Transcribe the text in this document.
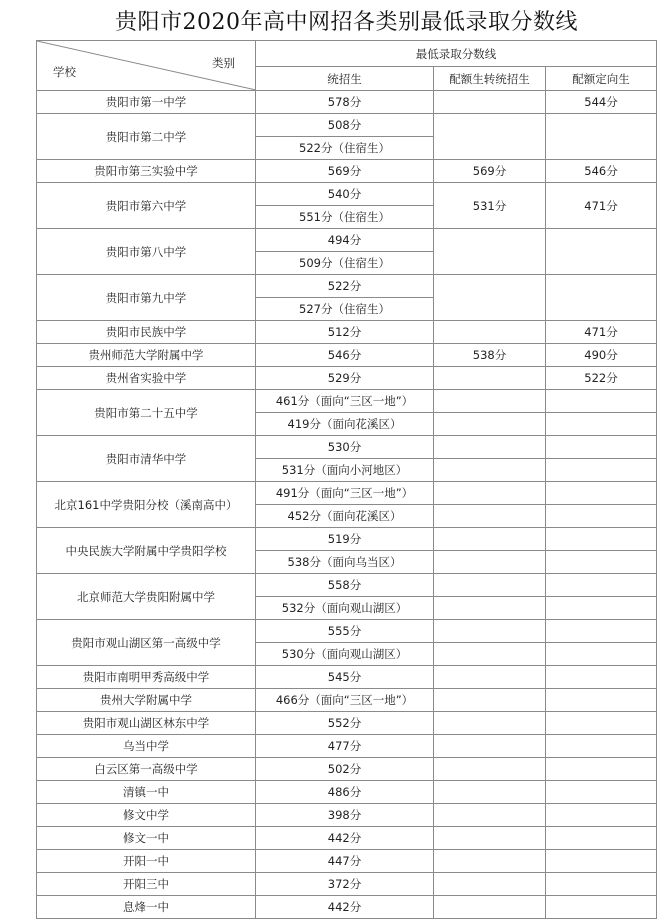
贵阳市2020年高中网招各类别最低录取分数线
类别
学校	最低录取分数线		
	统招生	配额生转统招生	配额定向生
贵阳市第一中学	578分		544分
贵阳市第二中学	508分		
	522分（住宿生）		
贵阳市第三实验中学	569分	569分	546分
贵阳市第六中学	540分	531分	471分
	551分（住宿生）		
贵阳市第八中学	494分		
	509分（住宿生）		
贵阳市第九中学	522分		
	527分（住宿生）		
贵阳市民族中学	512分		471分
贵州师范大学附属中学	546分	538分	490分
贵州省实验中学	529分		522分
贵阳市第二十五中学	461分（面向“三区一地”）		
	419分（面向花溪区）		
贵阳市清华中学	530分		
	531分（面向小河地区）		
北京161中学贵阳分校（溪南高中）	491分（面向“三区一地”）		
	452分（面向花溪区）		
中央民族大学附属中学贵阳学校	519分		
	538分（面向乌当区）		
北京师范大学贵阳附属中学	558分		
	532分（面向观山湖区）		
贵阳市观山湖区第一高级中学	555分		
	530分（面向观山湖区）		
贵阳市南明甲秀高级中学	545分		
贵州大学附属中学	466分（面向“三区一地”）		
贵阳市观山湖区林东中学	552分		
乌当中学	477分		
白云区第一高级中学	502分		
清镇一中	486分		
修文中学	398分		
修文一中	442分		
开阳一中	447分		
开阳三中	372分		
息烽一中	442分		
